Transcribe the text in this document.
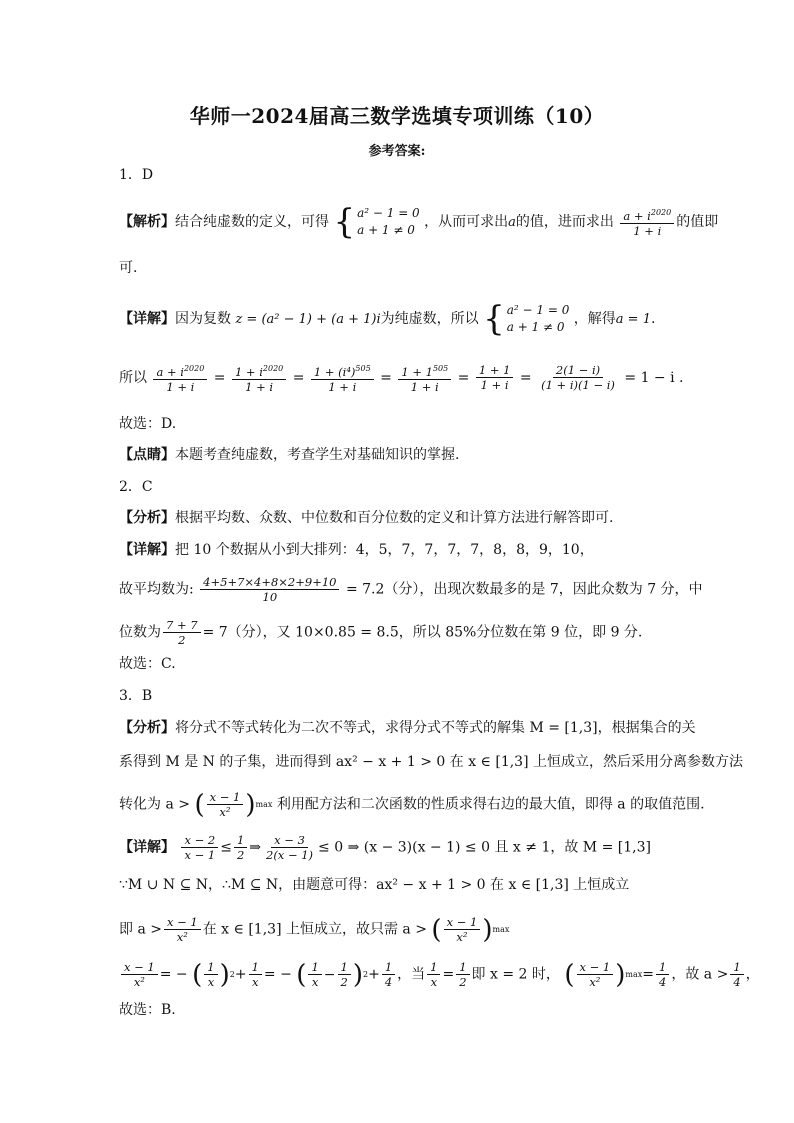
华师一2024届高三数学选填专项训练（10）
参考答案:
1．D
【解析】结合纯虚数的定义，可得 { a² − 1 = 0
a + 1 ≠ 0 ，从而可求出a的值，进而求出 $\frac{a + i^{2020}}{1 + i}$ 的值即
可.
【详解】因为复数 z = (a² − 1) + (a + 1)i为纯虚数，所以 { a² − 1 = 0
a + 1 ≠ 0 ，解得a = 1.
所以 $\frac{a + i^{2020}}{1 + i} = \frac{1 + i^{2020}}{1 + i} = \frac{1 + (i^4)^{505}}{1 + i} = \frac{1 + 1^{505}}{1 + i} = \frac{1 + 1}{1 + i} = \frac{2(1 - i)}{(1 + i)(1 - i)} = 1 - i$ .
故选：D.
【点睛】本题考查纯虚数，考查学生对基础知识的掌握.
2．C
【分析】根据平均数、众数、中位数和百分位数的定义和计算方法进行解答即可.
【详解】把 10 个数据从小到大排列：4，5，7，7，7，7，8，8，9，10，
故平均数为: $\frac{4+5+7\times 4+8\times 2+9+10}{10} = 7.2$（分），出现次数最多的是 7，因此众数为 7 分，中
位数为 $\frac{7 + 7}{2} = 7$（分），又 10×0.85 = 8.5，所以 85%分位数在第 9 位，即 9 分.
故选：C.
3．B
【分析】将分式不等式转化为二次不等式，求得分式不等式的解集 M = [1,3]，根据集合的关
系得到 M 是 N 的子集，进而得到 ax² − x + 1 > 0 在 x ∈ [1,3] 上恒成立，然后采用分离参数方法
转化为 a > ( $\frac{x - 1}{\text{x²}}$ ) max 利用配方法和二次函数的性质求得右边的最大值，即得 a 的取值范围.
【详解】 $\frac{x - 2}{x - 1} \le \frac{1}{2}$ ⇒ $\frac{x - 3}{2(x - 1)} \le 0$ ⇒ (x − 3)(x − 1) ≤ 0 且 x ≠ 1，故 M = [1,3]
∵M ∪ N ⊆ N，∴M ⊆ N，由题意可得：ax² − x + 1 > 0 在 x ∈ [1,3] 上恒成立
即 $a > \frac{x - 1}{\text{x²}}$ 在 x ∈ [1,3] 上恒成立，故只需 a > ( $\frac{x - 1}{\text{x²}}$ ) max
$\frac{x - 1}{\text{x²}}$ = − ( $\frac{1}{x}$ ) $2 + \frac{1}{x}$ = − ( $\frac{1}{x} - \frac{1}{2}$ ) $2 + \frac{1}{4}$ ，当 $\frac{1}{x} = \frac{1}{2}$ 即 x = 2 时， ( $\frac{x - 1}{\text{x²}}$ ) $\max = \frac{1}{4}$ ，故 $a > \frac{1}{4}$ ，
故选：B.
